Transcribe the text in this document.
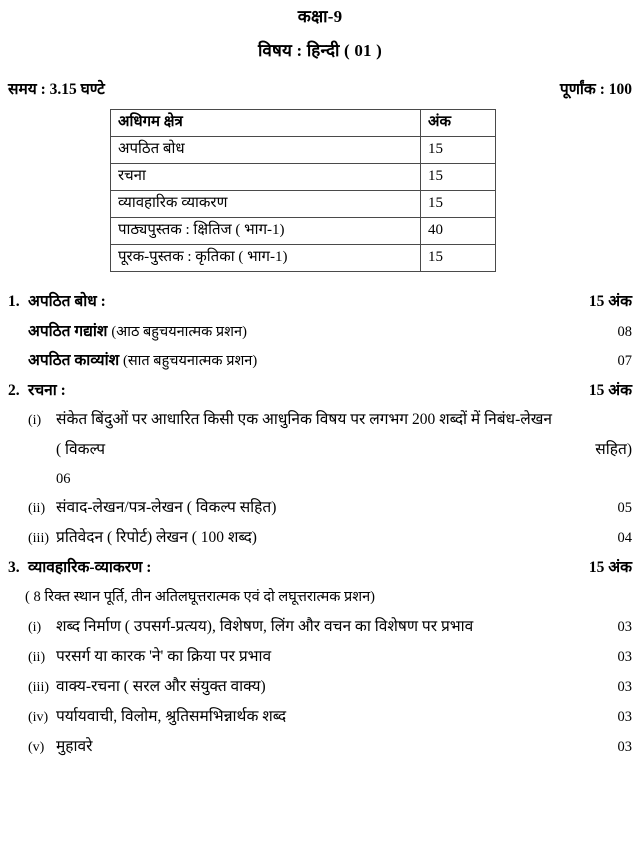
कक्षा-9
विषय : हिन्दी ( 01 )
समय : 3.15 घण्टे	पूर्णांक : 100
अधिगम क्षेत्र	अंक
अपठित बोध	15
रचना	15
व्यावहारिक व्याकरण	15
पाठ्यपुस्तक : क्षितिज ( भाग-1)	40
पूरक-पुस्तक : कृतिका ( भाग-1)	15
1. अपठित बोध :	15 अंक
अपठित गद्यांश (आठ बहुचयनात्मक प्रशन)	08
अपठित काव्यांश (सात बहुचयनात्मक प्रशन)	07
2. रचना :	15 अंक
(i) संकेत बिंदुओं पर आधारित किसी एक आधुनिक विषय पर लगभग 200 शब्दों में निबंध-लेखन
( विकल्प	सहित)
06
(ii) संवाद-लेखन/पत्र-लेखन ( विकल्प सहित)	05
(iii) प्रतिवेदन ( रिपोर्ट) लेखन ( 100 शब्द)	04
3. व्यावहारिक-व्याकरण :	15 अंक
( 8 रिक्त स्थान पूर्ति, तीन अतिलघूत्तरात्मक एवं दो लघूत्तरात्मक प्रशन)
(i) शब्द निर्माण ( उपसर्ग-प्रत्यय), विशेषण, लिंग और वचन का विशेषण पर प्रभाव	03
(ii) परसर्ग या कारक 'ने' का क्रिया पर प्रभाव	03
(iii) वाक्य-रचना ( सरल और संयुक्त वाक्य)	03
(iv) पर्यायवाची, विलोम, श्रुतिसमभिन्नार्थक शब्द	03
(v) मुहावरे	03
